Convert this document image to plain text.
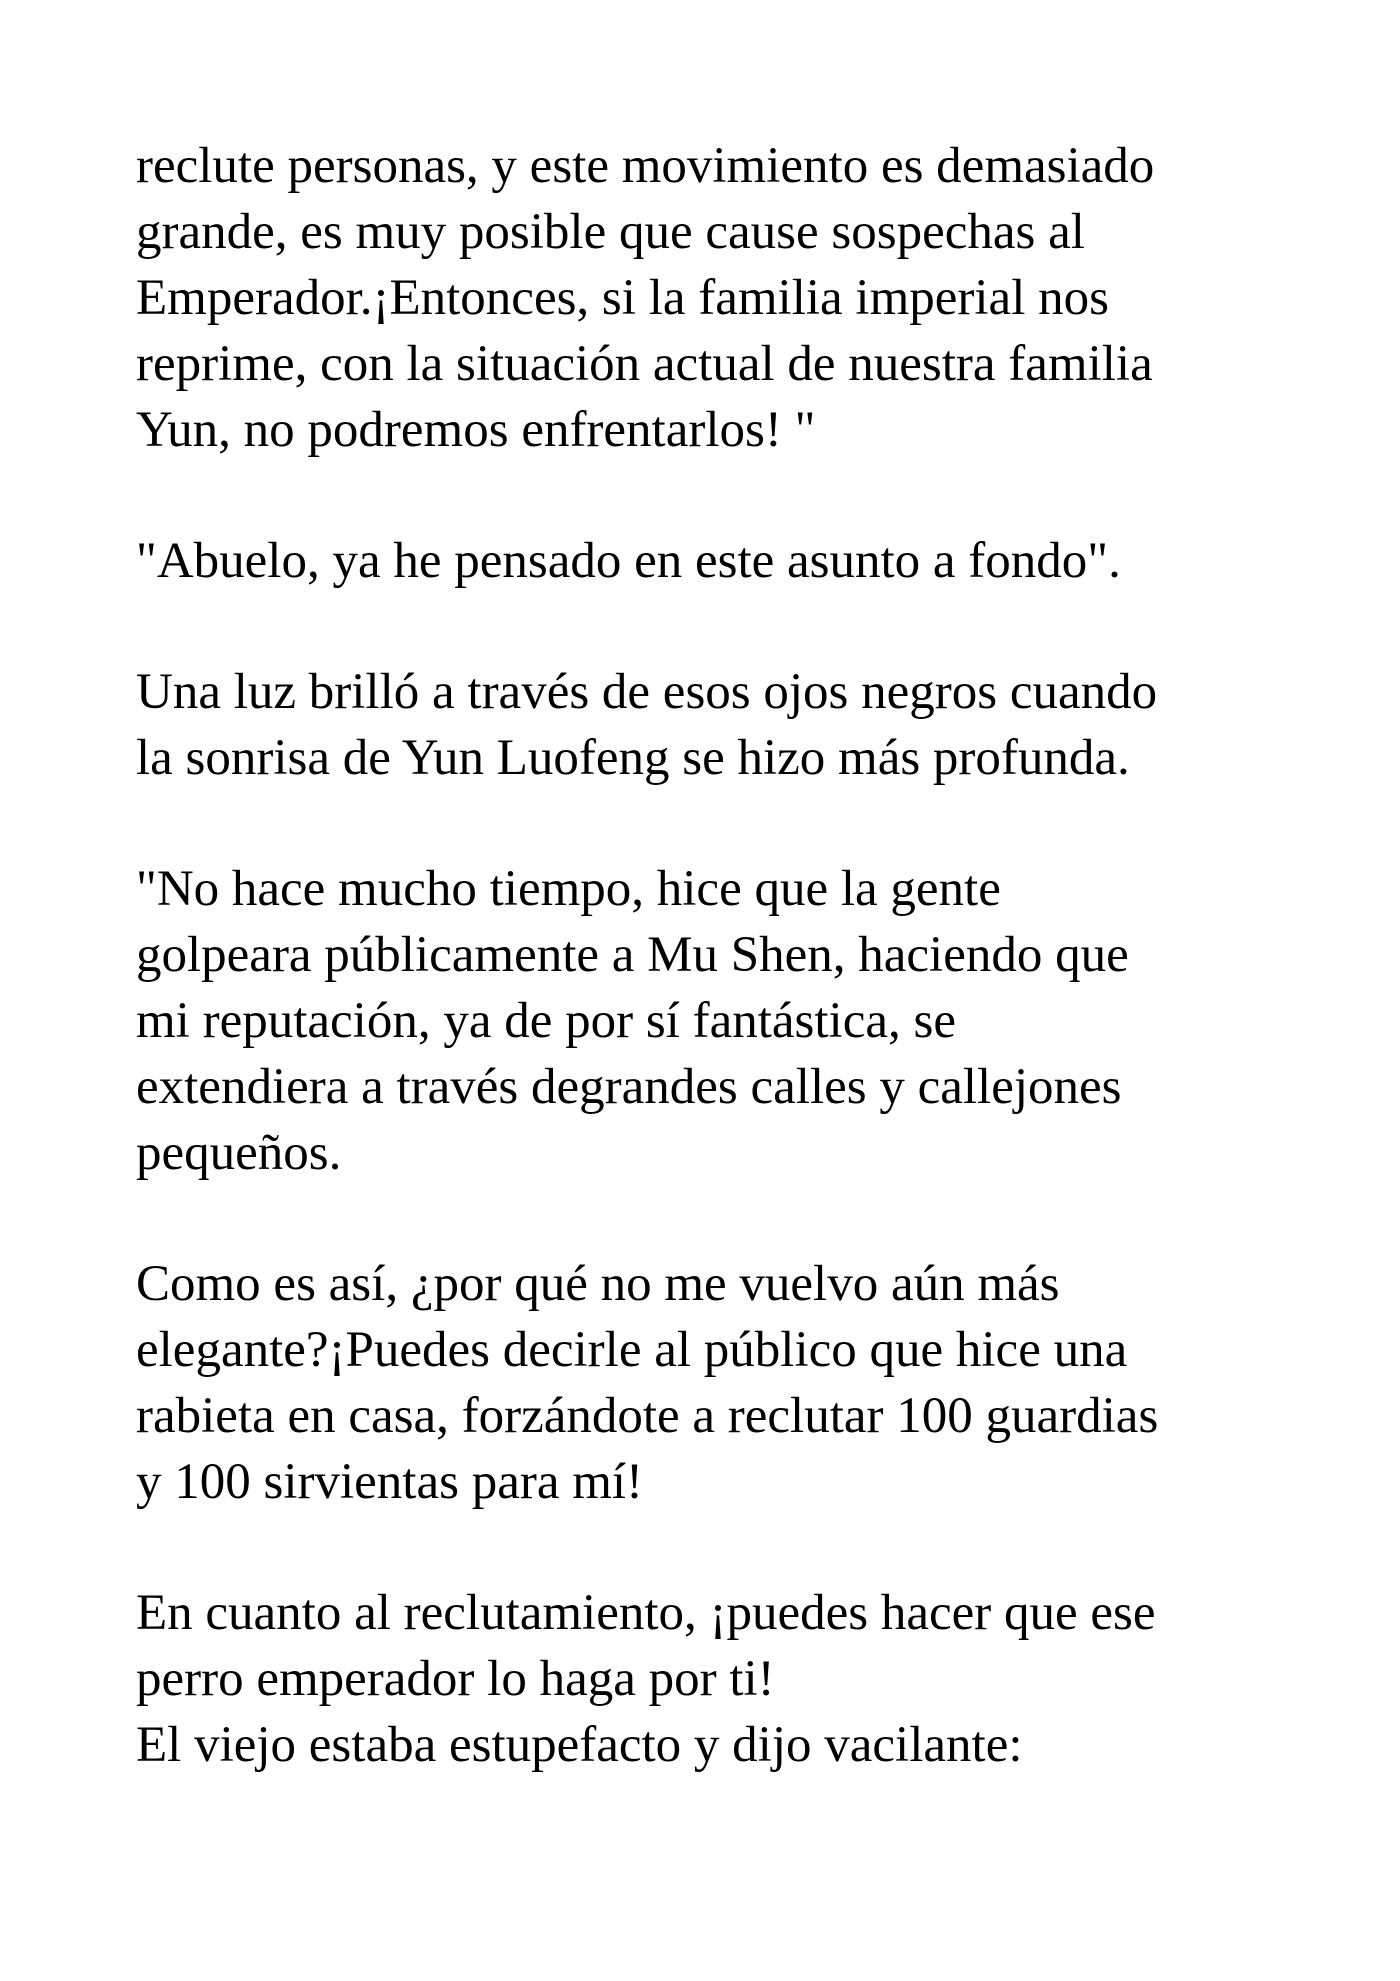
reclute personas, y este movimiento es demasiado
grande, es muy posible que cause sospechas al
Emperador.¡Entonces, si la familia imperial nos
reprime, con la situación actual de nuestra familia
Yun, no podremos enfrentarlos! "

"Abuelo, ya he pensado en este asunto a fondo".

Una luz brilló a través de esos ojos negros cuando
la sonrisa de Yun Luofeng se hizo más profunda.

"No hace mucho tiempo, hice que la gente
golpeara públicamente a Mu Shen, haciendo que
mi reputación, ya de por sí fantástica, se
extendiera a través degrandes calles y callejones
pequeños.

Como es así, ¿por qué no me vuelvo aún más
elegante?¡Puedes decirle al público que hice una
rabieta en casa, forzándote a reclutar 100 guardias
y 100 sirvientas para mí!

En cuanto al reclutamiento, ¡puedes hacer que ese
perro emperador lo haga por ti!

El viejo estaba estupefacto y dijo vacilante:
